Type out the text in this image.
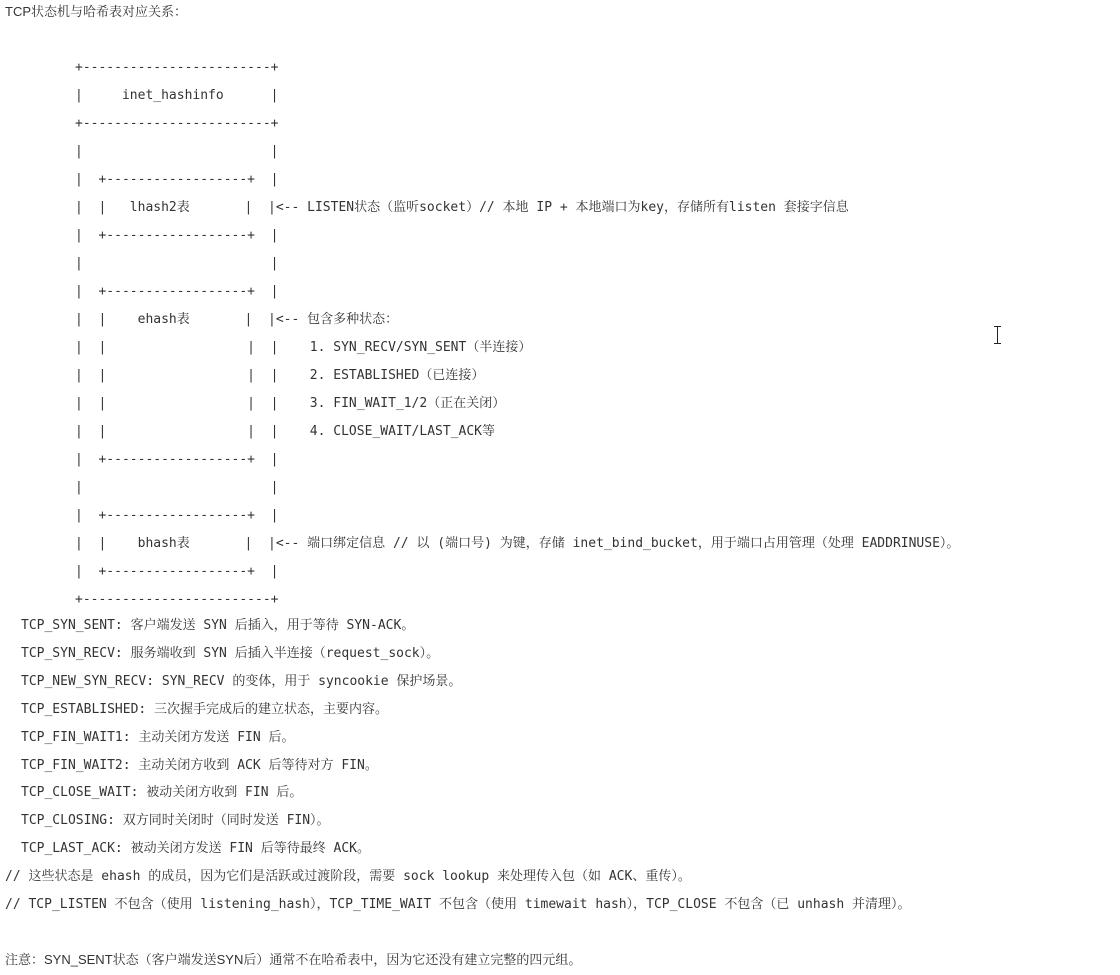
TCP状态机与哈希表对应关系：
+------------------------+
|     inet_hashinfo      |
+------------------------+
|                        |
|  +------------------+  |
|  |   lhash2表       |  |<-- LISTEN状态（监听socket）// 本地 IP + 本地端口为key，存储所有listen 套接字信息
|  +------------------+  |
|                        |
|  +------------------+  |
|  |    ehash表       |  |<-- 包含多种状态：
|  |                  |  |    1. SYN_RECV/SYN_SENT（半连接）
|  |                  |  |    2. ESTABLISHED（已连接）
|  |                  |  |    3. FIN_WAIT_1/2（正在关闭）
|  |                  |  |    4. CLOSE_WAIT/LAST_ACK等
|  +------------------+  |
|                        |
|  +------------------+  |
|  |    bhash表       |  |<-- 端口绑定信息 // 以 (端口号) 为键，存储 inet_bind_bucket，用于端口占用管理（处理 EADDRINUSE）。
|  +------------------+  |
+------------------------+
TCP_SYN_SENT: 客户端发送 SYN 后插入，用于等待 SYN-ACK。
TCP_SYN_RECV: 服务端收到 SYN 后插入半连接（request_sock）。
TCP_NEW_SYN_RECV: SYN_RECV 的变体，用于 syncookie 保护场景。
TCP_ESTABLISHED: 三次握手完成后的建立状态，主要内容。
TCP_FIN_WAIT1: 主动关闭方发送 FIN 后。
TCP_FIN_WAIT2: 主动关闭方收到 ACK 后等待对方 FIN。
TCP_CLOSE_WAIT: 被动关闭方收到 FIN 后。
TCP_CLOSING: 双方同时关闭时（同时发送 FIN）。
TCP_LAST_ACK: 被动关闭方发送 FIN 后等待最终 ACK。
// 这些状态是 ehash 的成员，因为它们是活跃或过渡阶段，需要 sock lookup 来处理传入包（如 ACK、重传）。
// TCP_LISTEN 不包含（使用 listening_hash），TCP_TIME_WAIT 不包含（使用 timewait hash），TCP_CLOSE 不包含（已 unhash 并清理）。
注意：SYN_SENT状态（客户端发送SYN后）通常不在哈希表中，因为它还没有建立完整的四元组。
